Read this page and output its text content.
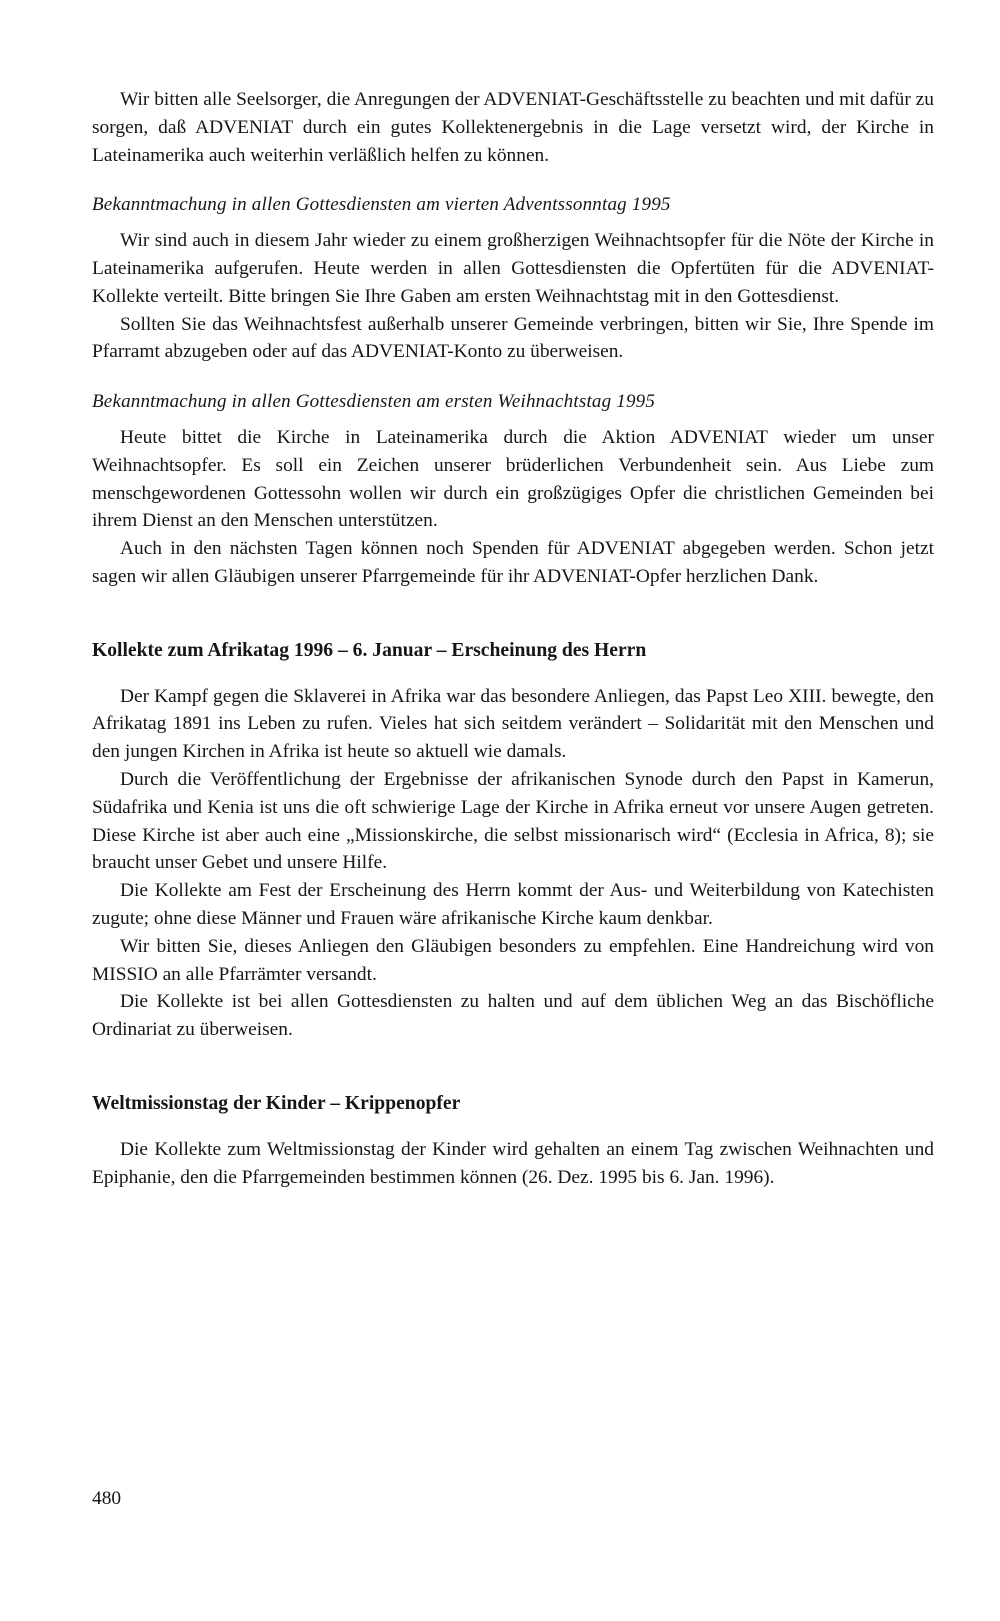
Wir bitten alle Seelsorger, die Anregungen der ADVENIAT-Geschäftsstelle zu beachten und mit dafür zu sorgen, daß ADVENIAT durch ein gutes Kollektenergebnis in die Lage versetzt wird, der Kirche in Lateinamerika auch weiterhin verläßlich helfen zu können.

Bekanntmachung in allen Gottesdiensten am vierten Adventssonntag 1995

Wir sind auch in diesem Jahr wieder zu einem großherzigen Weihnachtsopfer für die Nöte der Kirche in Lateinamerika aufgerufen. Heute werden in allen Gottesdiensten die Opfertüten für die ADVENIAT-Kollekte verteilt. Bitte bringen Sie Ihre Gaben am ersten Weihnachtstag mit in den Gottesdienst.

Sollten Sie das Weihnachtsfest außerhalb unserer Gemeinde verbringen, bitten wir Sie, Ihre Spende im Pfarramt abzugeben oder auf das ADVENIAT-Konto zu überweisen.

Bekanntmachung in allen Gottesdiensten am ersten Weihnachtstag 1995

Heute bittet die Kirche in Lateinamerika durch die Aktion ADVENIAT wieder um unser Weihnachtsopfer. Es soll ein Zeichen unserer brüderlichen Verbundenheit sein. Aus Liebe zum menschgewordenen Gottessohn wollen wir durch ein großzügiges Opfer die christlichen Gemeinden bei ihrem Dienst an den Menschen unterstützen.

Auch in den nächsten Tagen können noch Spenden für ADVENIAT abgegeben werden. Schon jetzt sagen wir allen Gläubigen unserer Pfarrgemeinde für ihr ADVENIAT-Opfer herzlichen Dank.

Kollekte zum Afrikatag 1996 – 6. Januar – Erscheinung des Herrn

Der Kampf gegen die Sklaverei in Afrika war das besondere Anliegen, das Papst Leo XIII. bewegte, den Afrikatag 1891 ins Leben zu rufen. Vieles hat sich seitdem verändert – Solidarität mit den Menschen und den jungen Kirchen in Afrika ist heute so aktuell wie damals.

Durch die Veröffentlichung der Ergebnisse der afrikanischen Synode durch den Papst in Kamerun, Südafrika und Kenia ist uns die oft schwierige Lage der Kirche in Afrika erneut vor unsere Augen getreten. Diese Kirche ist aber auch eine „Missionskirche, die selbst missionarisch wird“ (Ecclesia in Africa, 8); sie braucht unser Gebet und unsere Hilfe.

Die Kollekte am Fest der Erscheinung des Herrn kommt der Aus- und Weiterbildung von Katechisten zugute; ohne diese Männer und Frauen wäre afrikanische Kirche kaum denkbar.

Wir bitten Sie, dieses Anliegen den Gläubigen besonders zu empfehlen. Eine Handreichung wird von MISSIO an alle Pfarrämter versandt.

Die Kollekte ist bei allen Gottesdiensten zu halten und auf dem üblichen Weg an das Bischöfliche Ordinariat zu überweisen.

Weltmissionstag der Kinder – Krippenopfer

Die Kollekte zum Weltmissionstag der Kinder wird gehalten an einem Tag zwischen Weihnachten und Epiphanie, den die Pfarrgemeinden bestimmen können (26. Dez. 1995 bis 6. Jan. 1996).

480
